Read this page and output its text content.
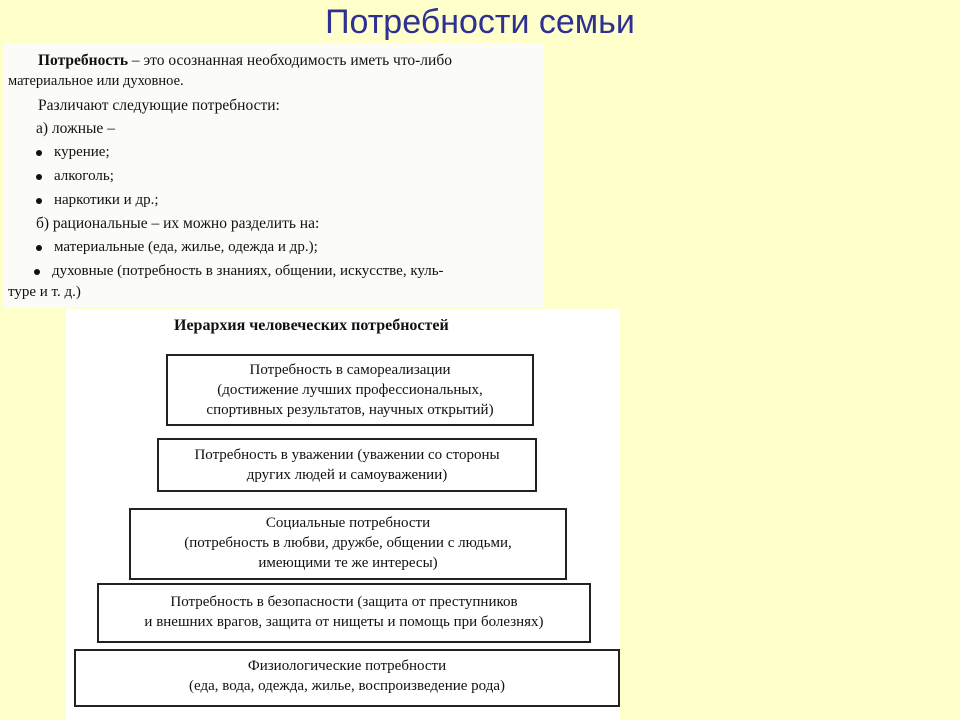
Потребности семьи

Потребность – это осознанная необходимость иметь что-либо

материальное или духовное.

Различают следующие потребности:

а) ложные –

курение;

алкоголь;

наркотики и др.;

б) рациональные – их можно разделить на:

материальные (еда, жилье, одежда и др.);

духовные (потребность в знаниях, общении, искусстве, куль-

туре и т. д.)

Иерархия человеческих потребностей
Потребность в самореализации
(достижение лучших профессиональных,
спортивных результатов, научных открытий)
Потребность в уважении (уважении со стороны
других людей и самоуважении)
Социальные потребности
(потребность в любви, дружбе, общении с людьми,
имеющими те же интересы)
Потребность в безопасности (защита от преступников
и внешних врагов, защита от нищеты и помощь при болезнях)
Физиологические потребности
(еда, вода, одежда, жилье, воспроизведение рода)
